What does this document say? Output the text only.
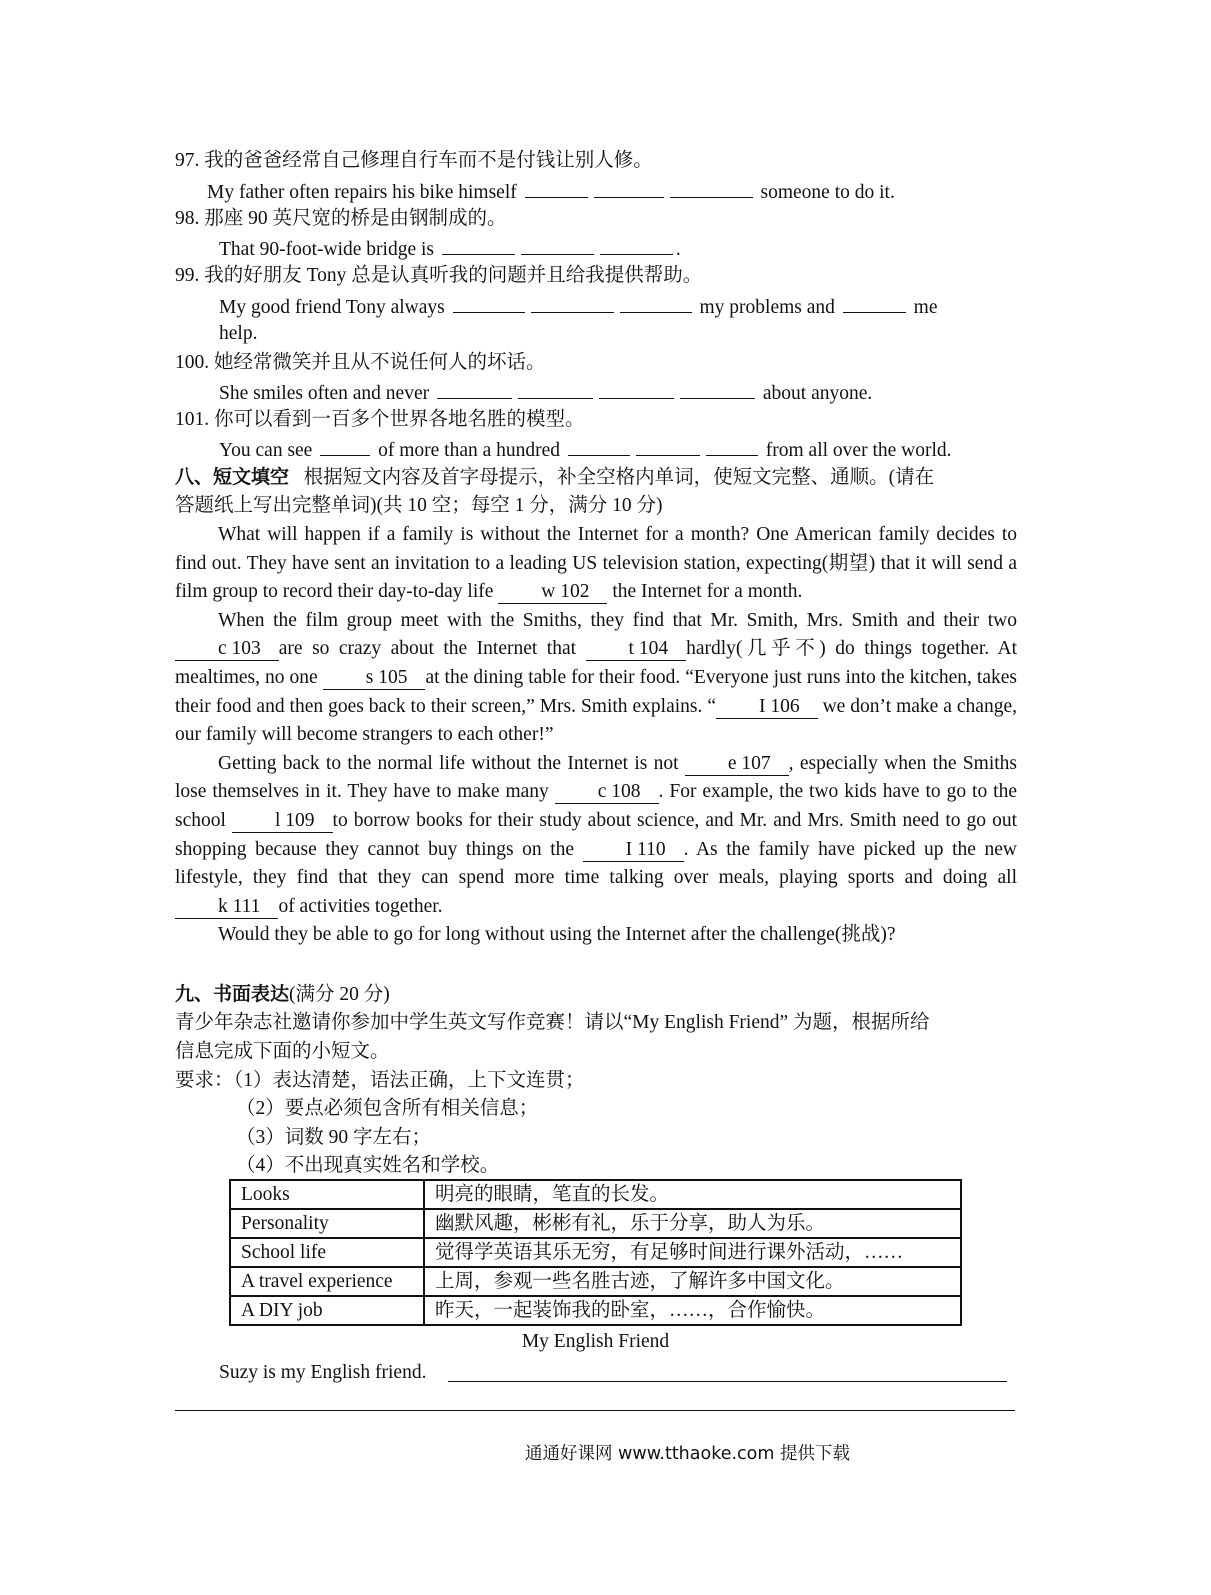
97. 我的爸爸经常自己修理自行车而不是付钱让别人修。
My father often repairs his bike himself	someone to do it.
98. 那座 90 英尺宽的桥是由钢制成的。
That 90-foot-wide bridge is	.
99. 我的好朋友 Tony 总是认真听我的问题并且给我提供帮助。
My good friend Tony always	my problems and	me
help.
100. 她经常微笑并且从不说任何人的坏话。
She smiles often and never	about anyone.
101. 你可以看到一百多个世界各地名胜的模型。
You can see	of more than a hundred	from all over the world.
八、短文填空 根据短文内容及首字母提示，补全空格内单词，使短文完整、通顺。(请在
答题纸上写出完整单词)(共 10 空；每空 1 分，满分 10 分)

What will happen if a family is without the Internet for a month? One American family decides to find out. They have sent an invitation to a leading US television station, expecting(期望) that it will send a film group to record their day-to-day life w 102 the Internet for a month.

When the film group meet with the Smiths, they find that Mr. Smith, Mrs. Smith and their two c 103 are so crazy about the Internet that	t 104 hardly(几乎不) do things together. At mealtimes, no one s 105 at the dining table for their food. “Everyone just runs into the kitchen, takes their food and then goes back to their screen,” Mrs. Smith explains. “ I 106 we don’t make a change, our family will become strangers to each other!”

Getting back to the normal life without the Internet is not	e 107 , especially when the Smiths lose themselves in it. They have to make many	c 108 . For example, the two kids have to go to the school	l 109 to borrow books for their study about science, and Mr. and Mrs. Smith need to go out shopping because they cannot buy things on the	I 110 . As the family have picked up the new lifestyle, they find that they can spend more time talking over meals, playing sports and doing all k 111 of activities together.

Would they be able to go for long without using the Internet after the challenge(挑战)?

九、书面表达(满分 20 分)
青少年杂志社邀请你参加中学生英文写作竞赛！请以“My English Friend” 为题，根据所给
信息完成下面的小短文。
要求：（1）表达清楚，语法正确，上下文连贯；
（2）要点必须包含所有相关信息；
（3）词数 90 字左右；
（4）不出现真实姓名和学校。
Looks	明亮的眼睛，笔直的长发。
Personality	幽默风趣，彬彬有礼，乐于分享，助人为乐。
School life	觉得学英语其乐无穷，有足够时间进行课外活动，……
A travel experience	上周，参观一些名胜古迹，了解许多中国文化。
A DIY job	昨天，一起装饰我的卧室，……，合作愉快。
My English Friend
Suzy is my English friend.
通通好课网 www.tthaoke.com 提供下载
